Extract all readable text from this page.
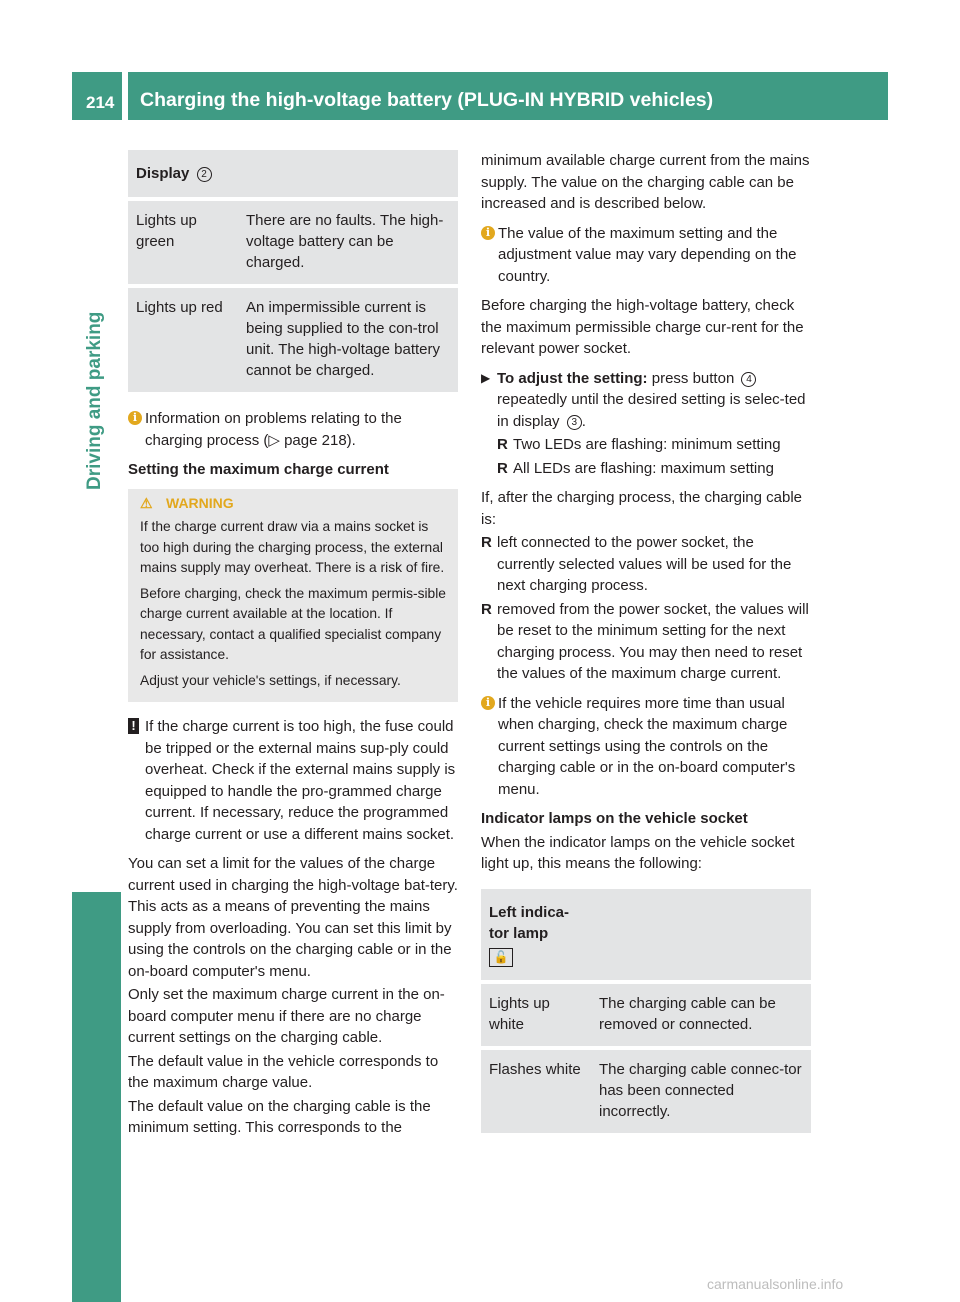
214	Charging the high-voltage battery (PLUG-IN HYBRID vehicles)
Driving and parking
Display 2	
Lights up green	There are no faults. The high-voltage battery can be charged.
Lights up red	An impermissible current is being supplied to the con-trol unit. The high-voltage battery cannot be charged.

i Information on problems relating to the charging process (▷ page 218).

Setting the maximum charge current

⚠ WARNING

If the charge current draw via a mains socket is too high during the charging process, the external mains supply may overheat. There is a risk of fire.

Before charging, check the maximum permis-sible charge current available at the location. If necessary, contact a qualified specialist company for assistance.

Adjust your vehicle's settings, if necessary.

! If the charge current is too high, the fuse could be tripped or the external mains sup-ply could overheat. Check if the external mains supply is equipped to handle the pro-grammed charge current. If necessary, reduce the programmed charge current or use a different mains socket.

You can set a limit for the values of the charge current used in charging the high-voltage bat-tery. This acts as a means of preventing the mains supply from overloading. You can set this limit by using the controls on the charging cable or in the on-board computer's menu.

Only set the maximum charge current in the on-board computer menu if there are no charge current settings on the charging cable.

The default value in the vehicle corresponds to the maximum charge value.

The default value on the charging cable is the minimum setting. This corresponds to the

minimum available charge current from the mains supply. The value on the charging cable can be increased and is described below.

i The value of the maximum setting and the adjustment value may vary depending on the country.

Before charging the high-voltage battery, check the maximum permissible charge cur-rent for the relevant power socket.

▶ To adjust the setting: press button 4 repeatedly until the desired setting is selec-ted in display 3 .

R Two LEDs are flashing: minimum setting

R All LEDs are flashing: maximum setting

If, after the charging process, the charging cable is:

R left connected to the power socket, the currently selected values will be used for the next charging process.

R removed from the power socket, the values will be reset to the minimum setting for the next charging process. You may then need to reset the values of the maximum charge current.

i If the vehicle requires more time than usual when charging, check the maximum charge current settings using the controls on the charging cable or in the on-board computer's menu.

Indicator lamps on the vehicle socket

When the indicator lamps on the vehicle socket light up, this means the following:

Left indica-tor lamp
🔓	
Lights up white	The charging cable can be removed or connected.
Flashes white	The charging cable connec-tor has been connected incorrectly.
carmanualsonline.info
